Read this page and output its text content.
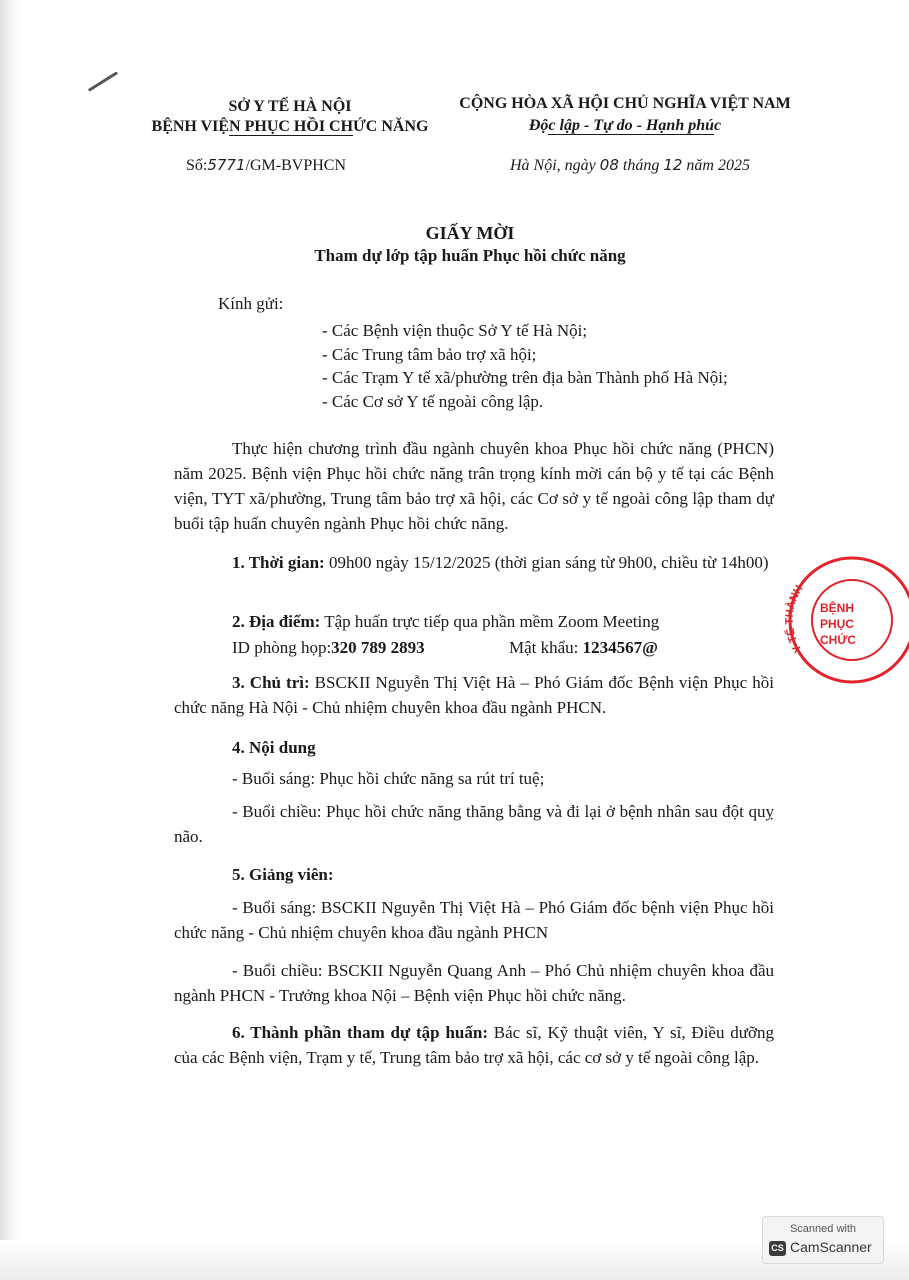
SỞ Y TẾ HÀ NỘI
BỆNH VIỆN PHỤC HỒI CHỨC NĂNG
Số:5771/GM-BVPHCN
CỘNG HÒA XÃ HỘI CHỦ NGHĨA VIỆT NAM
Độc lập - Tự do - Hạnh phúc
Hà Nội, ngày 08 tháng 12 năm 2025
GIẤY MỜI
Tham dự lớp tập huấn Phục hồi chức năng
Kính gửi:
- Các Bệnh viện thuộc Sở Y tế Hà Nội;
- Các Trung tâm bảo trợ xã hội;
- Các Trạm Y tế xã/phường trên địa bàn Thành phố Hà Nội;
- Các Cơ sở Y tế ngoài công lập.
Thực hiện chương trình đầu ngành chuyên khoa Phục hồi chức năng (PHCN) năm 2025. Bệnh viện Phục hồi chức năng trân trọng kính mời cán bộ y tế tại các Bệnh viện, TYT xã/phường, Trung tâm bảo trợ xã hội, các Cơ sở y tế ngoài công lập tham dự buổi tập huấn chuyên ngành Phục hồi chức năng.
1. Thời gian: 09h00 ngày 15/12/2025 (thời gian sáng từ 9h00, chiều từ 14h00)
2. Địa điểm: Tập huấn trực tiếp qua phần mềm Zoom Meeting
ID phòng họp:320 789 2893	Mật khẩu: 1234567@
3. Chủ trì: BSCKII Nguyễn Thị Việt Hà – Phó Giám đốc Bệnh viện Phục hồi chức năng Hà Nội - Chủ nhiệm chuyên khoa đầu ngành PHCN.
4. Nội dung
- Buổi sáng: Phục hồi chức năng sa rút trí tuệ;
- Buổi chiều: Phục hồi chức năng thăng bằng và đi lại ở bệnh nhân sau đột quỵ não.
5. Giảng viên:
- Buổi sáng: BSCKII Nguyễn Thị Việt Hà – Phó Giám đốc bệnh viện Phục hồi chức năng - Chủ nhiệm chuyên khoa đầu ngành PHCN
- Buổi chiều: BSCKII Nguyễn Quang Anh – Phó Chủ nhiệm chuyên khoa đầu ngành PHCN - Trưởng khoa Nội – Bệnh viện Phục hồi chức năng.
6. Thành phần tham dự tập huấn: Bác sĩ, Kỹ thuật viên, Y sĩ, Điều dưỡng của các Bệnh viện, Trạm y tế, Trung tâm bảo trợ xã hội, các cơ sở y tế ngoài công lập.
Y TẾ THÀNH
BỆNH
PHỤC
CHỨC
Scanned with
CS CamScanner
